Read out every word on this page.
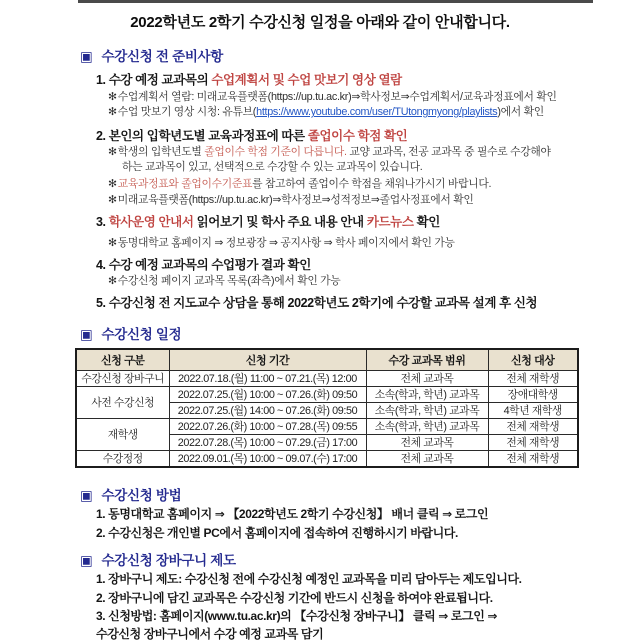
2022학년도 2학기 수강신청 일정을 아래와 같이 안내합니다.

▣ 수강신청 전 준비사항

1. 수강 예정 교과목의 수업계획서 및 수업 맛보기 영상 열람

✻수업계획서 열람: 미래교육플랫폼(https://up.tu.ac.kr)⇒학사정보⇒수업계획서/교육과정표에서 확인

✻수업 맛보기 영상 시청: 유튜브(https://www.youtube.com/user/TUtongmyong/playlists)에서 확인

2. 본인의 입학년도별 교육과정표에 따른 졸업이수 학점 확인

✻학생의 입학년도별 졸업이수 학점 기준이 다릅니다. 교양 교과목, 전공 교과목 중 필수로 수강해야

하는 교과목이 있고, 선택적으로 수강할 수 있는 교과목이 있습니다.

✻교육과정표와 졸업이수기준표를 참고하여 졸업이수 학점을 채워나가시기 바랍니다.

✻미래교육플랫폼(https://up.tu.ac.kr)⇒학사정보⇒성적정보⇒졸업사정표에서 확인

3. 학사운영 안내서 읽어보기 및 학사 주요 내용 안내 카드뉴스 확인

✻동명대학교 홈페이지 ⇒ 정보광장 ⇒ 공지사항 ⇒ 학사 페이지에서 확인 가능

4. 수강 예정 교과목의 수업평가 결과 확인

✻수강신청 페이지 교과목 목록(좌측)에서 확인 가능

5. 수강신청 전 지도교수 상담을 통해 2022학년도 2학기에 수강할 교과목 설계 후 신청

▣ 수강신청 일정

신청 구분	신청 기간	수강 교과목 범위	신청 대상
수강신청 장바구니	2022.07.18.(월) 11:00 ~ 07.21.(목) 12:00	전체 교과목	전체 재학생
사전 수강신청	2022.07.25.(월) 10:00 ~ 07.26.(화) 09:50	소속(학과, 학년) 교과목	장애대학생
	2022.07.25.(월) 14:00 ~ 07.26.(화) 09:50	소속(학과, 학년) 교과목	4학년 재학생
재학생	2022.07.26.(화) 10:00 ~ 07.28.(목) 09:55	소속(학과, 학년) 교과목	전체 재학생
	2022.07.28.(목) 10:00 ~ 07.29.(금) 17:00	전체 교과목	전체 재학생
수강정정	2022.09.01.(목) 10:00 ~ 09.07.(수) 17:00	전체 교과목	전체 재학생

▣ 수강신청 방법

1. 동명대학교 홈페이지 ⇒ 【2022학년도 2학기 수강신청】 배너 클릭 ⇒ 로그인

2. 수강신청은 개인별 PC에서 홈페이지에 접속하여 진행하시기 바랍니다.

▣ 수강신청 장바구니 제도

1. 장바구니 제도: 수강신청 전에 수강신청 예정인 교과목을 미리 담아두는 제도입니다.

2. 장바구니에 담긴 교과목은 수강신청 기간에 반드시 신청을 하여야 완료됩니다.

3. 신청방법: 홈페이지(www.tu.ac.kr)의 【수강신청 장바구니】 클릭 ⇒ 로그인 ⇒

수강신청 장바구니에서 수강 예정 교과목 담기
